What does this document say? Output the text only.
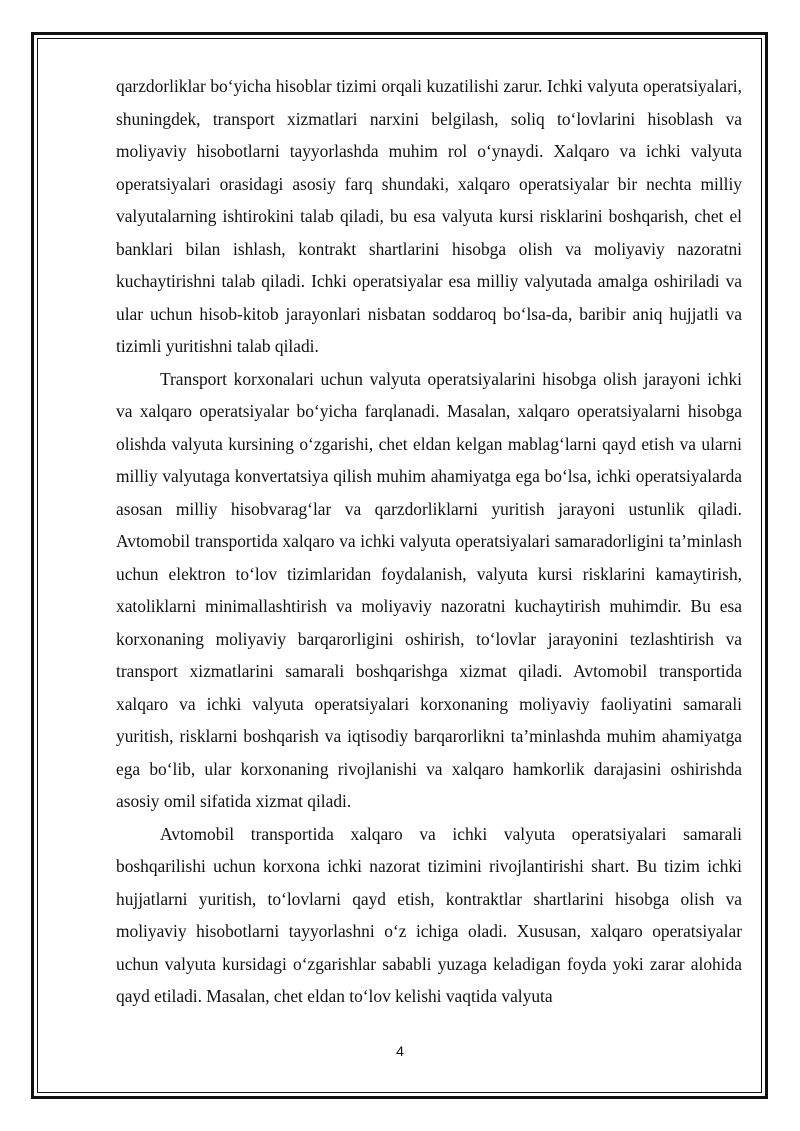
qarzdorliklar bo‘yicha hisoblar tizimi orqali kuzatilishi zarur. Ichki valyuta operatsiyalari, shuningdek, transport xizmatlari narxini belgilash, soliq to‘lovlarini hisoblash va moliyaviy hisobotlarni tayyorlashda muhim rol o‘ynaydi. Xalqaro va ichki valyuta operatsiyalari orasidagi asosiy farq shundaki, xalqaro operatsiyalar bir nechta milliy valyutalarning ishtirokini talab qiladi, bu esa valyuta kursi risklarini boshqarish, chet el banklari bilan ishlash, kontrakt shartlarini hisobga olish va moliyaviy nazoratni kuchaytirishni talab qiladi. Ichki operatsiyalar esa milliy valyutada amalga oshiriladi va ular uchun hisob-kitob jarayonlari nisbatan soddaroq bo‘lsa-da, baribir aniq hujjatli va tizimli yuritishni talab qiladi.

Transport korxonalari uchun valyuta operatsiyalarini hisobga olish jarayoni ichki va xalqaro operatsiyalar bo‘yicha farqlanadi. Masalan, xalqaro operatsiyalarni hisobga olishda valyuta kursining o‘zgarishi, chet eldan kelgan mablag‘larni qayd etish va ularni milliy valyutaga konvertatsiya qilish muhim ahamiyatga ega bo‘lsa, ichki operatsiyalarda asosan milliy hisobvarag‘lar va qarzdorliklarni yuritish jarayoni ustunlik qiladi. Avtomobil transportida xalqaro va ichki valyuta operatsiyalari samaradorligini ta’minlash uchun elektron to‘lov tizimlaridan foydalanish, valyuta kursi risklarini kamaytirish, xatoliklarni minimallashtirish va moliyaviy nazoratni kuchaytirish muhimdir. Bu esa korxonaning moliyaviy barqarorligini oshirish, to‘lovlar jarayonini tezlashtirish va transport xizmatlarini samarali boshqarishga xizmat qiladi. Avtomobil transportida xalqaro va ichki valyuta operatsiyalari korxonaning moliyaviy faoliyatini samarali yuritish, risklarni boshqarish va iqtisodiy barqarorlikni ta’minlashda muhim ahamiyatga ega bo‘lib, ular korxonaning rivojlanishi va xalqaro hamkorlik darajasini oshirishda asosiy omil sifatida xizmat qiladi.

Avtomobil transportida xalqaro va ichki valyuta operatsiyalari samarali boshqarilishi uchun korxona ichki nazorat tizimini rivojlantirishi shart. Bu tizim ichki hujjatlarni yuritish, to‘lovlarni qayd etish, kontraktlar shartlarini hisobga olish va moliyaviy hisobotlarni tayyorlashni o‘z ichiga oladi. Xususan, xalqaro operatsiyalar uchun valyuta kursidagi o‘zgarishlar sababli yuzaga keladigan foyda yoki zarar alohida qayd etiladi. Masalan, chet eldan to‘lov kelishi vaqtida valyuta

4
